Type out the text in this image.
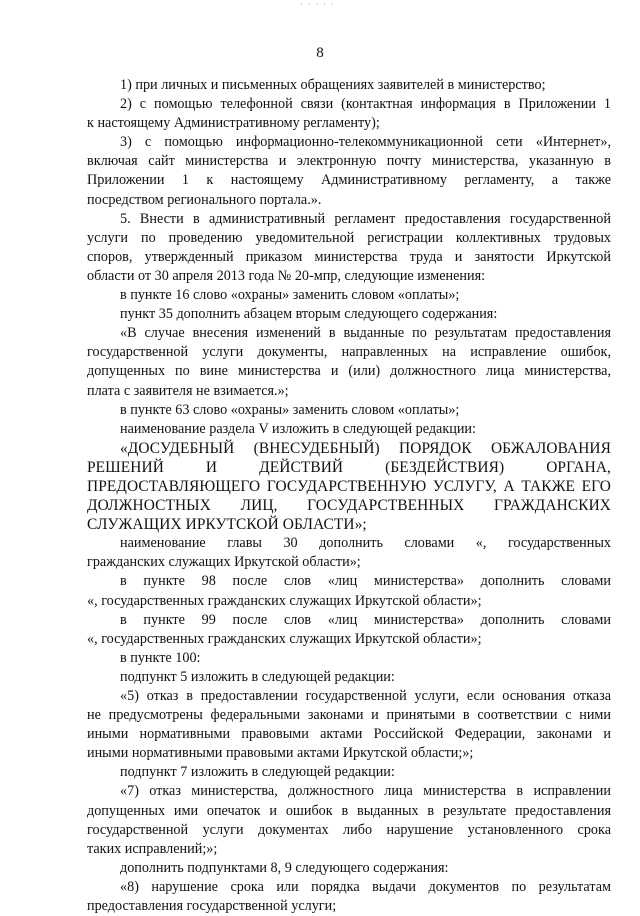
· · · · ·
8
1) при личных и письменных обращениях заявителей в министерство;
2) с помощью телефонной связи (контактная информация в Приложении 1
к настоящему Административному регламенту);
3) с помощью информационно-телекоммуникационной сети «Интернет»,
включая сайт министерства и электронную почту министерства, указанную в
Приложении 1 к настоящему Административному регламенту, а также
посредством регионального портала.».
5. Внести в административный регламент предоставления государственной
услуги по проведению уведомительной регистрации коллективных трудовых
споров, утвержденный приказом министерства труда и занятости Иркутской
области от 30 апреля 2013 года № 20-мпр, следующие изменения:
в пункте 16 слово «охраны» заменить словом «оплаты»;
пункт 35 дополнить абзацем вторым следующего содержания:
«В случае внесения изменений в выданные по результатам предоставления
государственной услуги документы, направленных на исправление ошибок,
допущенных по вине министерства и (или) должностного лица министерства,
плата с заявителя не взимается.»;
в пункте 63 слово «охраны» заменить словом «оплаты»;
наименование раздела V изложить в следующей редакции:
«ДОСУДЕБНЫЙ (ВНЕСУДЕБНЫЙ) ПОРЯДОК ОБЖАЛОВАНИЯ
РЕШЕНИЙ И ДЕЙСТВИЙ (БЕЗДЕЙСТВИЯ) ОРГАНА,
ПРЕДОСТАВЛЯЮЩЕГО ГОСУДАРСТВЕННУЮ УСЛУГУ, А ТАКЖЕ ЕГО
ДОЛЖНОСТНЫХ ЛИЦ, ГОСУДАРСТВЕННЫХ ГРАЖДАНСКИХ
СЛУЖАЩИХ ИРКУТСКОЙ ОБЛАСТИ»;
наименование главы 30 дополнить словами «, государственных
гражданских служащих Иркутской области»;
в пункте 98 после слов «лиц министерства» дополнить словами
«, государственных гражданских служащих Иркутской области»;
в пункте 99 после слов «лиц министерства» дополнить словами
«, государственных гражданских служащих Иркутской области»;
в пункте 100:
подпункт 5 изложить в следующей редакции:
«5) отказ в предоставлении государственной услуги, если основания отказа
не предусмотрены федеральными законами и принятыми в соответствии с ними
иными нормативными правовыми актами Российской Федерации, законами и
иными нормативными правовыми актами Иркутской области;»;
подпункт 7 изложить в следующей редакции:
«7) отказ министерства, должностного лица министерства в исправлении
допущенных ими опечаток и ошибок в выданных в результате предоставления
государственной услуги документах либо нарушение установленного срока
таких исправлений;»;
дополнить подпунктами 8, 9 следующего содержания:
«8) нарушение срока или порядка выдачи документов по результатам
предоставления государственной услуги;
